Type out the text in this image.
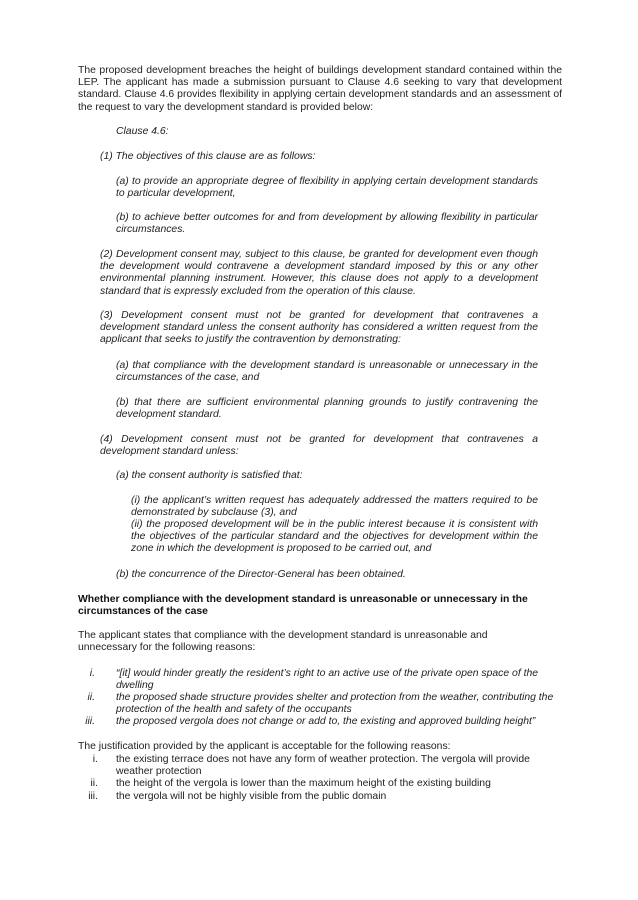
The proposed development breaches the height of buildings development standard contained within the LEP. The applicant has made a submission pursuant to Clause 4.6 seeking to vary that development standard. Clause 4.6 provides flexibility in applying certain development standards and an assessment of the request to vary the development standard is provided below:

Clause 4.6:

(1) The objectives of this clause are as follows:

(a) to provide an appropriate degree of flexibility in applying certain development standards to particular development,

(b) to achieve better outcomes for and from development by allowing flexibility in particular circumstances.

(2) Development consent may, subject to this clause, be granted for development even though the development would contravene a development standard imposed by this or any other environmental planning instrument. However, this clause does not apply to a development standard that is expressly excluded from the operation of this clause.

(3) Development consent must not be granted for development that contravenes a development standard unless the consent authority has considered a written request from the applicant that seeks to justify the contravention by demonstrating:

(a) that compliance with the development standard is unreasonable or unnecessary in the circumstances of the case, and

(b) that there are sufficient environmental planning grounds to justify contravening the development standard.

(4) Development consent must not be granted for development that contravenes a development standard unless:

(a) the consent authority is satisfied that:

(i) the applicant’s written request has adequately addressed the matters required to be demonstrated by subclause (3), and

(ii) the proposed development will be in the public interest because it is consistent with the objectives of the particular standard and the objectives for development within the zone in which the development is proposed to be carried out, and

(b) the concurrence of the Director-General has been obtained.

Whether compliance with the development standard is unreasonable or unnecessary in the circumstances of the case

The applicant states that compliance with the development standard is unreasonable and unnecessary for the following reasons:

i. “[it] would hinder greatly the resident’s right to an active use of the private open space of the dwelling
ii. the proposed shade structure provides shelter and protection from the weather, contributing the protection of the health and safety of the occupants
iii. the proposed vergola does not change or add to, the existing and approved building height”

The justification provided by the applicant is acceptable for the following reasons:

i. the existing terrace does not have any form of weather protection. The vergola will provide weather protection
ii. the height of the vergola is lower than the maximum height of the existing building
iii. the vergola will not be highly visible from the public domain
